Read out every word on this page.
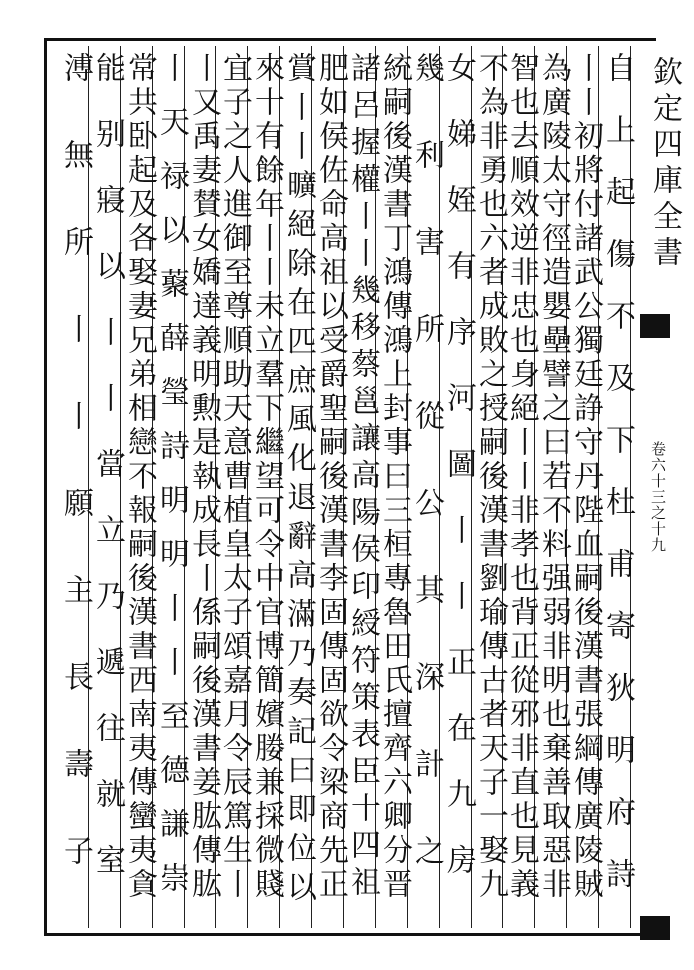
欽定四庫全書
卷六十三之十九
自上起傷不及下杜甫寄狄明府詩
丨丨初將付諸武公獨廷諍守丹陛血嗣後漢書張綱傳廣陵賊
為廣陵太守徑造嬰壘譬之曰若不料强弱非明也棄善取惡非
智也去順效逆非忠也身絕丨丨非孝也背正從邪非直也見義
不為非勇也六者成敗之授嗣後漢書劉瑜傳古者天子一娶九
女娣姪有序河圖丨丨正在九房
幾利害所從公其深計之
統嗣後漢書丁鴻傳鴻上封事曰三桓專魯田氏擅齊六卿分晋
諸呂握權丨丨幾移蔡邕讓高陽侯印綬符策表臣十四祖
肥如侯佐命高祖以受爵聖嗣後漢書李固傳固欲令梁商先正
賞丨丨曠絕除在匹庶風化退辭高滿乃奏記曰即位以
來十有餘年丨丨未立羣下繼望可令中官博簡嬪媵兼採微賤
宜子之人進御至尊順助天意曹植皇太子頌嘉月令辰篤生丨
丨又禹妻賛女嬌達義明勲是執成長丨係嗣後漢書姜肱傳肱
丨天禄以藂薛瑩詩明明丨丨至德謙崇
常共卧起及各娶妻兄弟相戀不報嗣後漢書西南夷傳蠻夷貪
能别寢以丨丨當立乃遞往就室
溥無所丨丨願主長壽子
